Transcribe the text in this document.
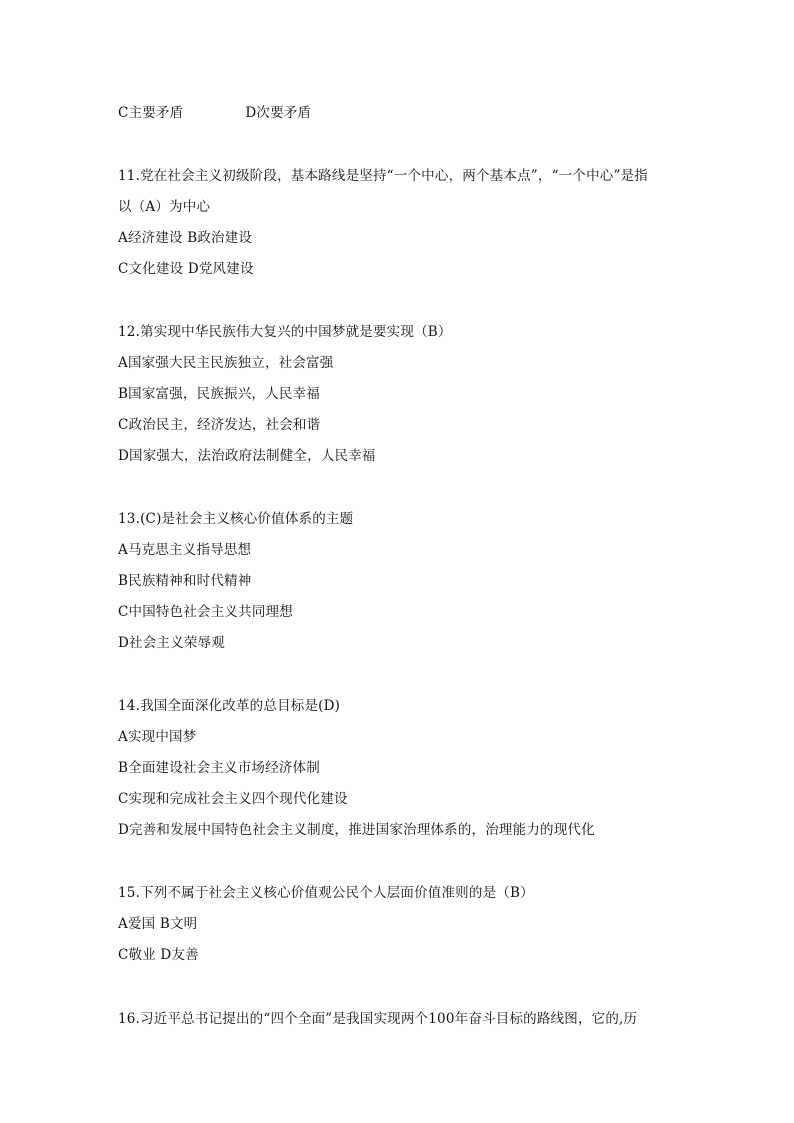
C主要矛盾	D次要矛盾
11.党在社会主义初级阶段，基本路线是坚持“一个中心，两个基本点”，“一个中心”是指
以（A）为中心
A经济建设 B政治建设
C文化建设 D党风建设
12.第实现中华民族伟大复兴的中国梦就是要实现（B）
A国家强大民主民族独立，社会富强
B国家富强，民族振兴，人民幸福
C政治民主，经济发达，社会和谐
D国家强大，法治政府法制健全，人民幸福
13.(C)是社会主义核心价值体系的主题
A马克思主义指导思想
B民族精神和时代精神
C中国特色社会主义共同理想
D社会主义荣辱观
14.我国全面深化改革的总目标是(D)
A实现中国梦
B全面建设社会主义市场经济体制
C实现和完成社会主义四个现代化建设
D完善和发展中国特色社会主义制度，推进国家治理体系的，治理能力的现代化
15.下列不属于社会主义核心价值观公民个人层面价值准则的是（B）
A爱国 B文明
C敬业 D友善
16.习近平总书记提出的“四个全面”是我国实现两个100年奋斗目标的路线图，它的,历
